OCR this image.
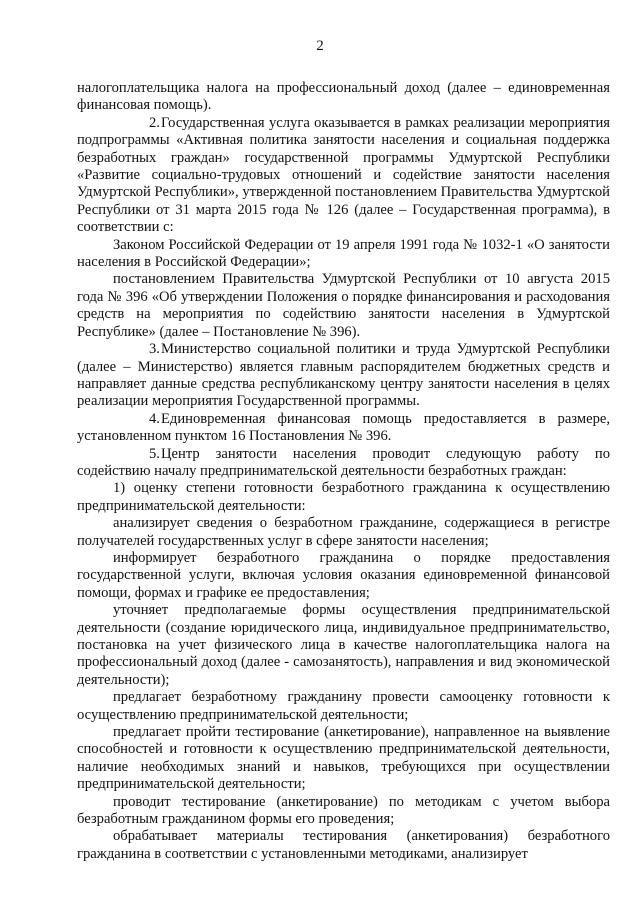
2

налогоплательщика налога на профессиональный доход (далее – единовременная финансовая помощь).

2.Государственная услуга оказывается в рамках реализации мероприятия подпрограммы «Активная политика занятости населения и социальная поддержка безработных граждан» государственной программы Удмуртской Республики «Развитие социально-трудовых отношений и содействие занятости населения Удмуртской Республики», утвержденной постановлением Правительства Удмуртской Республики от 31 марта 2015 года № 126 (далее – Государственная программа), в соответствии с:

Законом Российской Федерации от 19 апреля 1991 года № 1032-1 «О занятости населения в Российской Федерации»;

постановлением Правительства Удмуртской Республики от 10 августа 2015 года № 396 «Об утверждении Положения о порядке финансирования и расходования средств на мероприятия по содействию занятости населения в Удмуртской Республике» (далее – Постановление № 396).

3.Министерство социальной политики и труда Удмуртской Республики (далее – Министерство) является главным распорядителем бюджетных средств и направляет данные средства республиканскому центру занятости населения в целях реализации мероприятия Государственной программы.

4.Единовременная финансовая помощь предоставляется в размере, установленном пунктом 16 Постановления № 396.

5.Центр занятости населения проводит следующую работу по содействию началу предпринимательской деятельности безработных граждан:

1) оценку степени готовности безработного гражданина к осуществлению предпринимательской деятельности:

анализирует сведения о безработном гражданине, содержащиеся в регистре получателей государственных услуг в сфере занятости населения;

информирует безработного гражданина о порядке предоставления государственной услуги, включая условия оказания единовременной финансовой помощи, формах и графике ее предоставления;

уточняет предполагаемые формы осуществления предпринимательской деятельности (создание юридического лица, индивидуальное предпринимательство, постановка на учет физического лица в качестве налогоплательщика налога на профессиональный доход (далее - самозанятость), направления и вид экономической деятельности);

предлагает безработному гражданину провести самооценку готовности к осуществлению предпринимательской деятельности;

предлагает пройти тестирование (анкетирование), направленное на выявление способностей и готовности к осуществлению предпринимательской деятельности, наличие необходимых знаний и навыков, требующихся при осуществлении предпринимательской деятельности;

проводит тестирование (анкетирование) по методикам с учетом выбора безработным гражданином формы его проведения;

обрабатывает материалы тестирования (анкетирования) безработного гражданина в соответствии с установленными методиками, анализирует
